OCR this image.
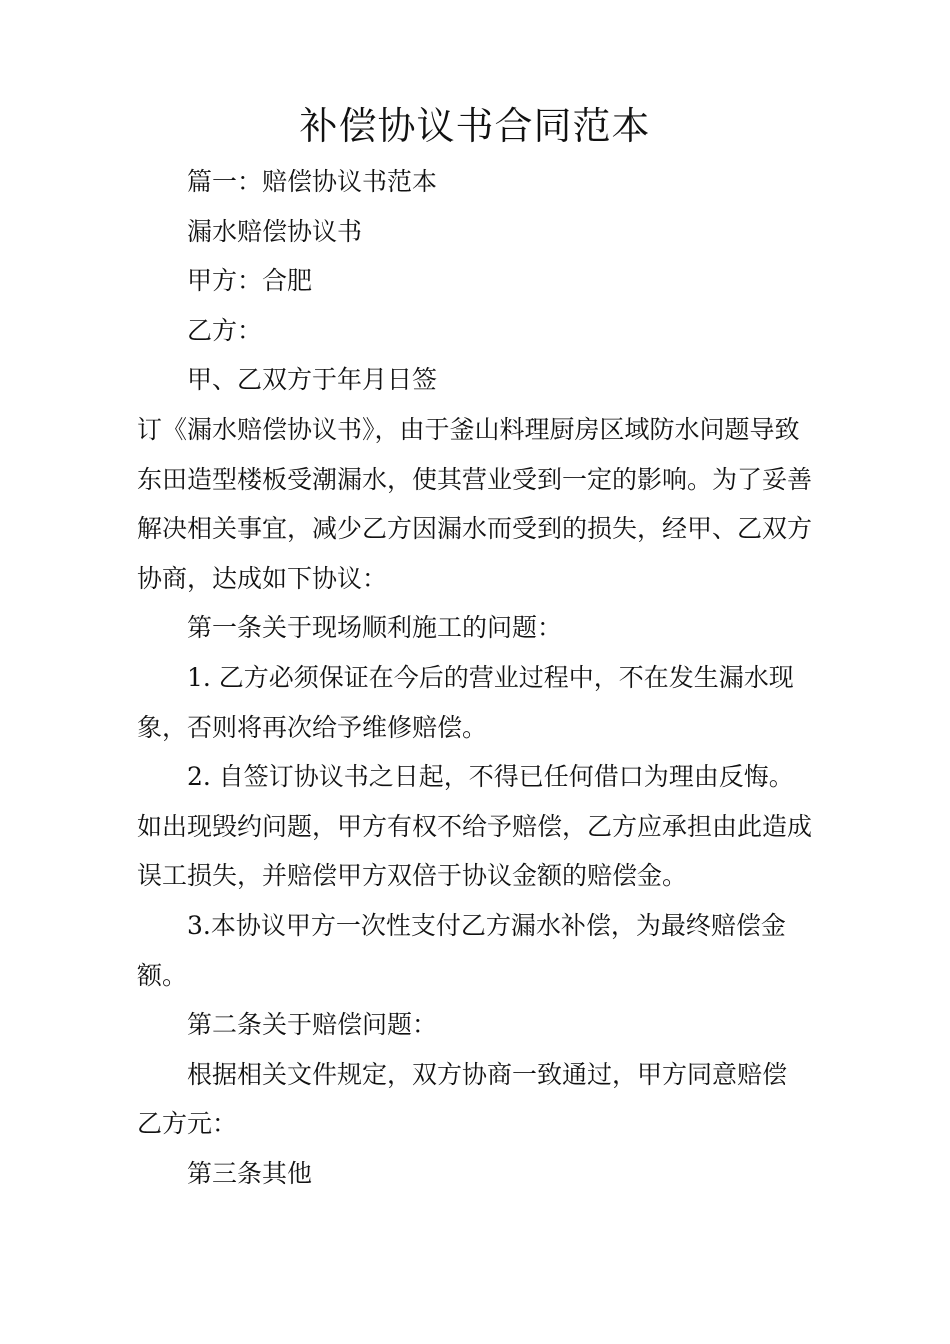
补偿协议书合同范本

篇一：赔偿协议书范本

漏水赔偿协议书

甲方：合肥

乙方：

甲、乙双方于年月日签

订《漏水赔偿协议书》，由于釜山料理厨房区域防水问题导致

东田造型楼板受潮漏水，使其营业受到一定的影响。为了妥善

解决相关事宜，减少乙方因漏水而受到的损失，经甲、乙双方

协商，达成如下协议：

第一条关于现场顺利施工的问题：

1. 乙方必须保证在今后的营业过程中，不在发生漏水现

象，否则将再次给予维修赔偿。

2. 自签订协议书之日起，不得已任何借口为理由反悔。

如出现毁约问题，甲方有权不给予赔偿，乙方应承担由此造成

误工损失，并赔偿甲方双倍于协议金额的赔偿金。

3.本协议甲方一次性支付乙方漏水补偿，为最终赔偿金

额。

第二条关于赔偿问题：

根据相关文件规定，双方协商一致通过，甲方同意赔偿

乙方元：

第三条其他
